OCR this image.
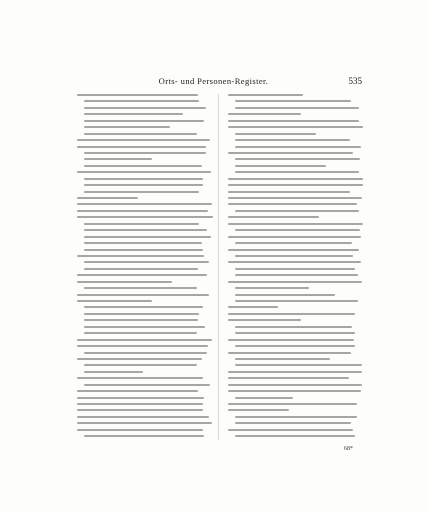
Orts- und Personen-Register.	535
68*
